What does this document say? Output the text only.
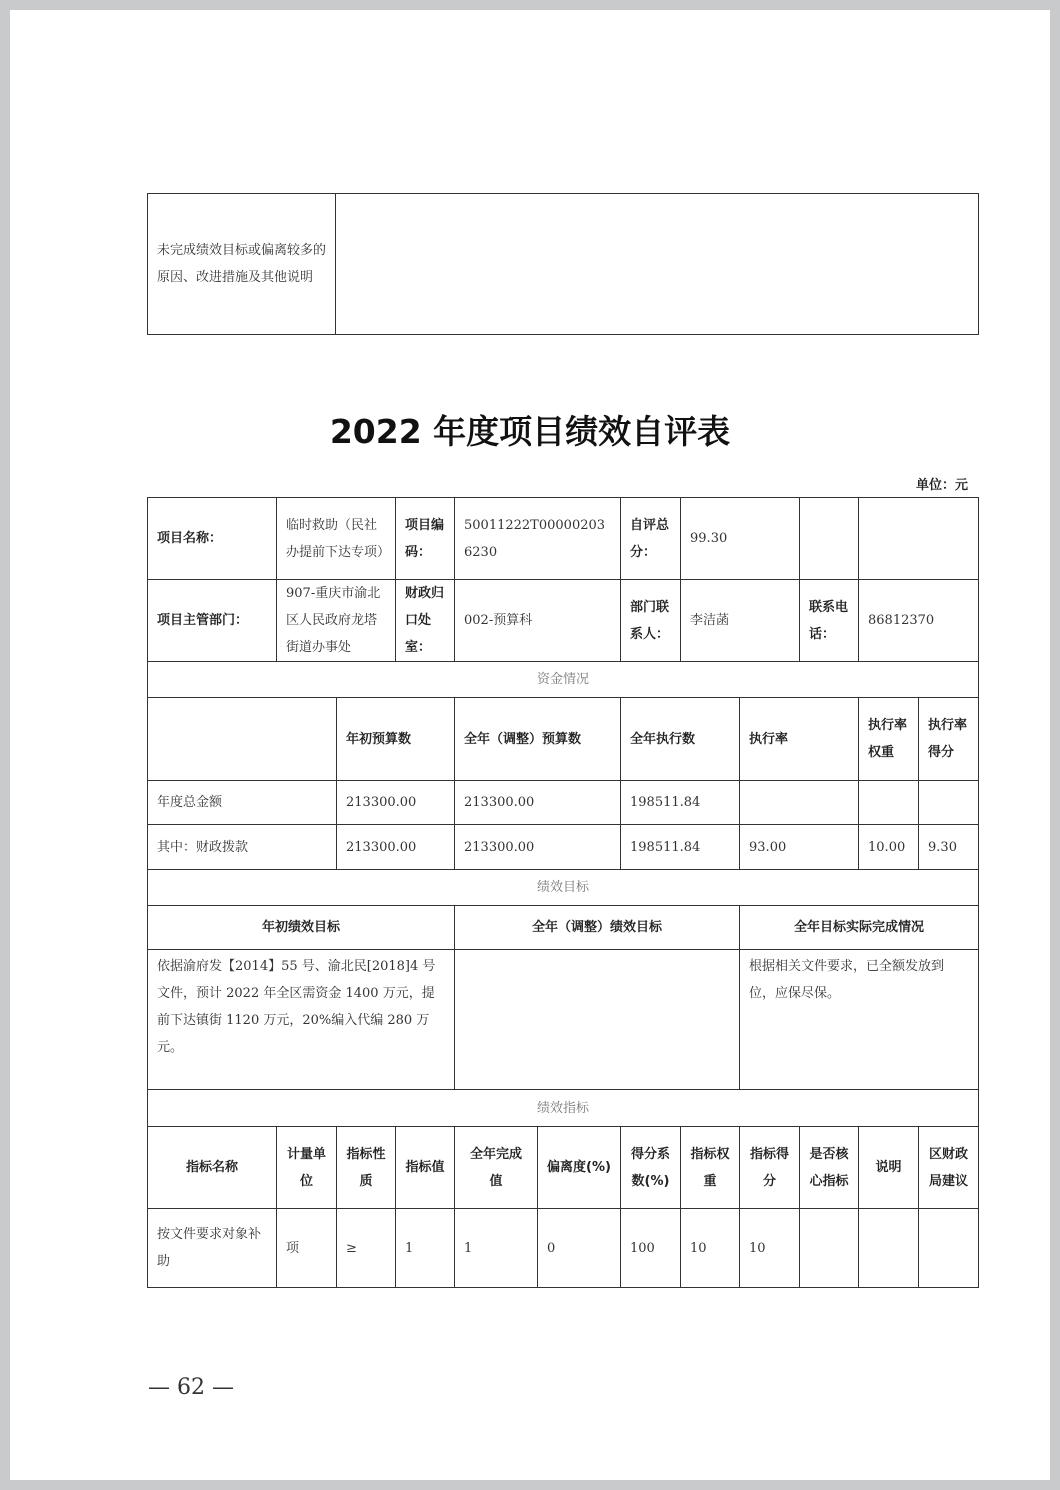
未完成绩效目标或偏离较多的原因、改进措施及其他说明	
2022 年度项目绩效自评表
单位：元
项目名称：	临时救助（民社办提前下达专项）		项目编码：	50011222T000002036230		自评总分：	99.30				
项目主管部门：	907-重庆市渝北区人民政府龙塔街道办事处		财政归口处室：	002-预算科		部门联系人：	李洁菡		联系电话：	86812370	
资金情况											
		年初预算数		全年（调整）预算数		全年执行数		执行率		执行率权重	执行率得分
年度总金额		213300.00		213300.00		198511.84					
其中：财政拨款		213300.00		213300.00		198511.84		93.00		10.00	9.30
绩效目标											
年初绩效目标				全年（调整）绩效目标				全年目标实际完成情况			
依据渝府发【2014】55 号、渝北民[2018]4 号文件，预计 2022 年全区需资金 1400 万元，提前下达镇街 1120 万元，20%编入代编 280 万元。								根据相关文件要求，已全额发放到位，应保尽保。			
绩效指标											
指标名称	计量单位	指标性质	指标值	全年完成值	偏离度(%)	得分系数(%)	指标权重	指标得分	是否核心指标	说明	区财政局建议
按文件要求对象补助	项	≥	1	1	0	100	10	10			
— 62 —
